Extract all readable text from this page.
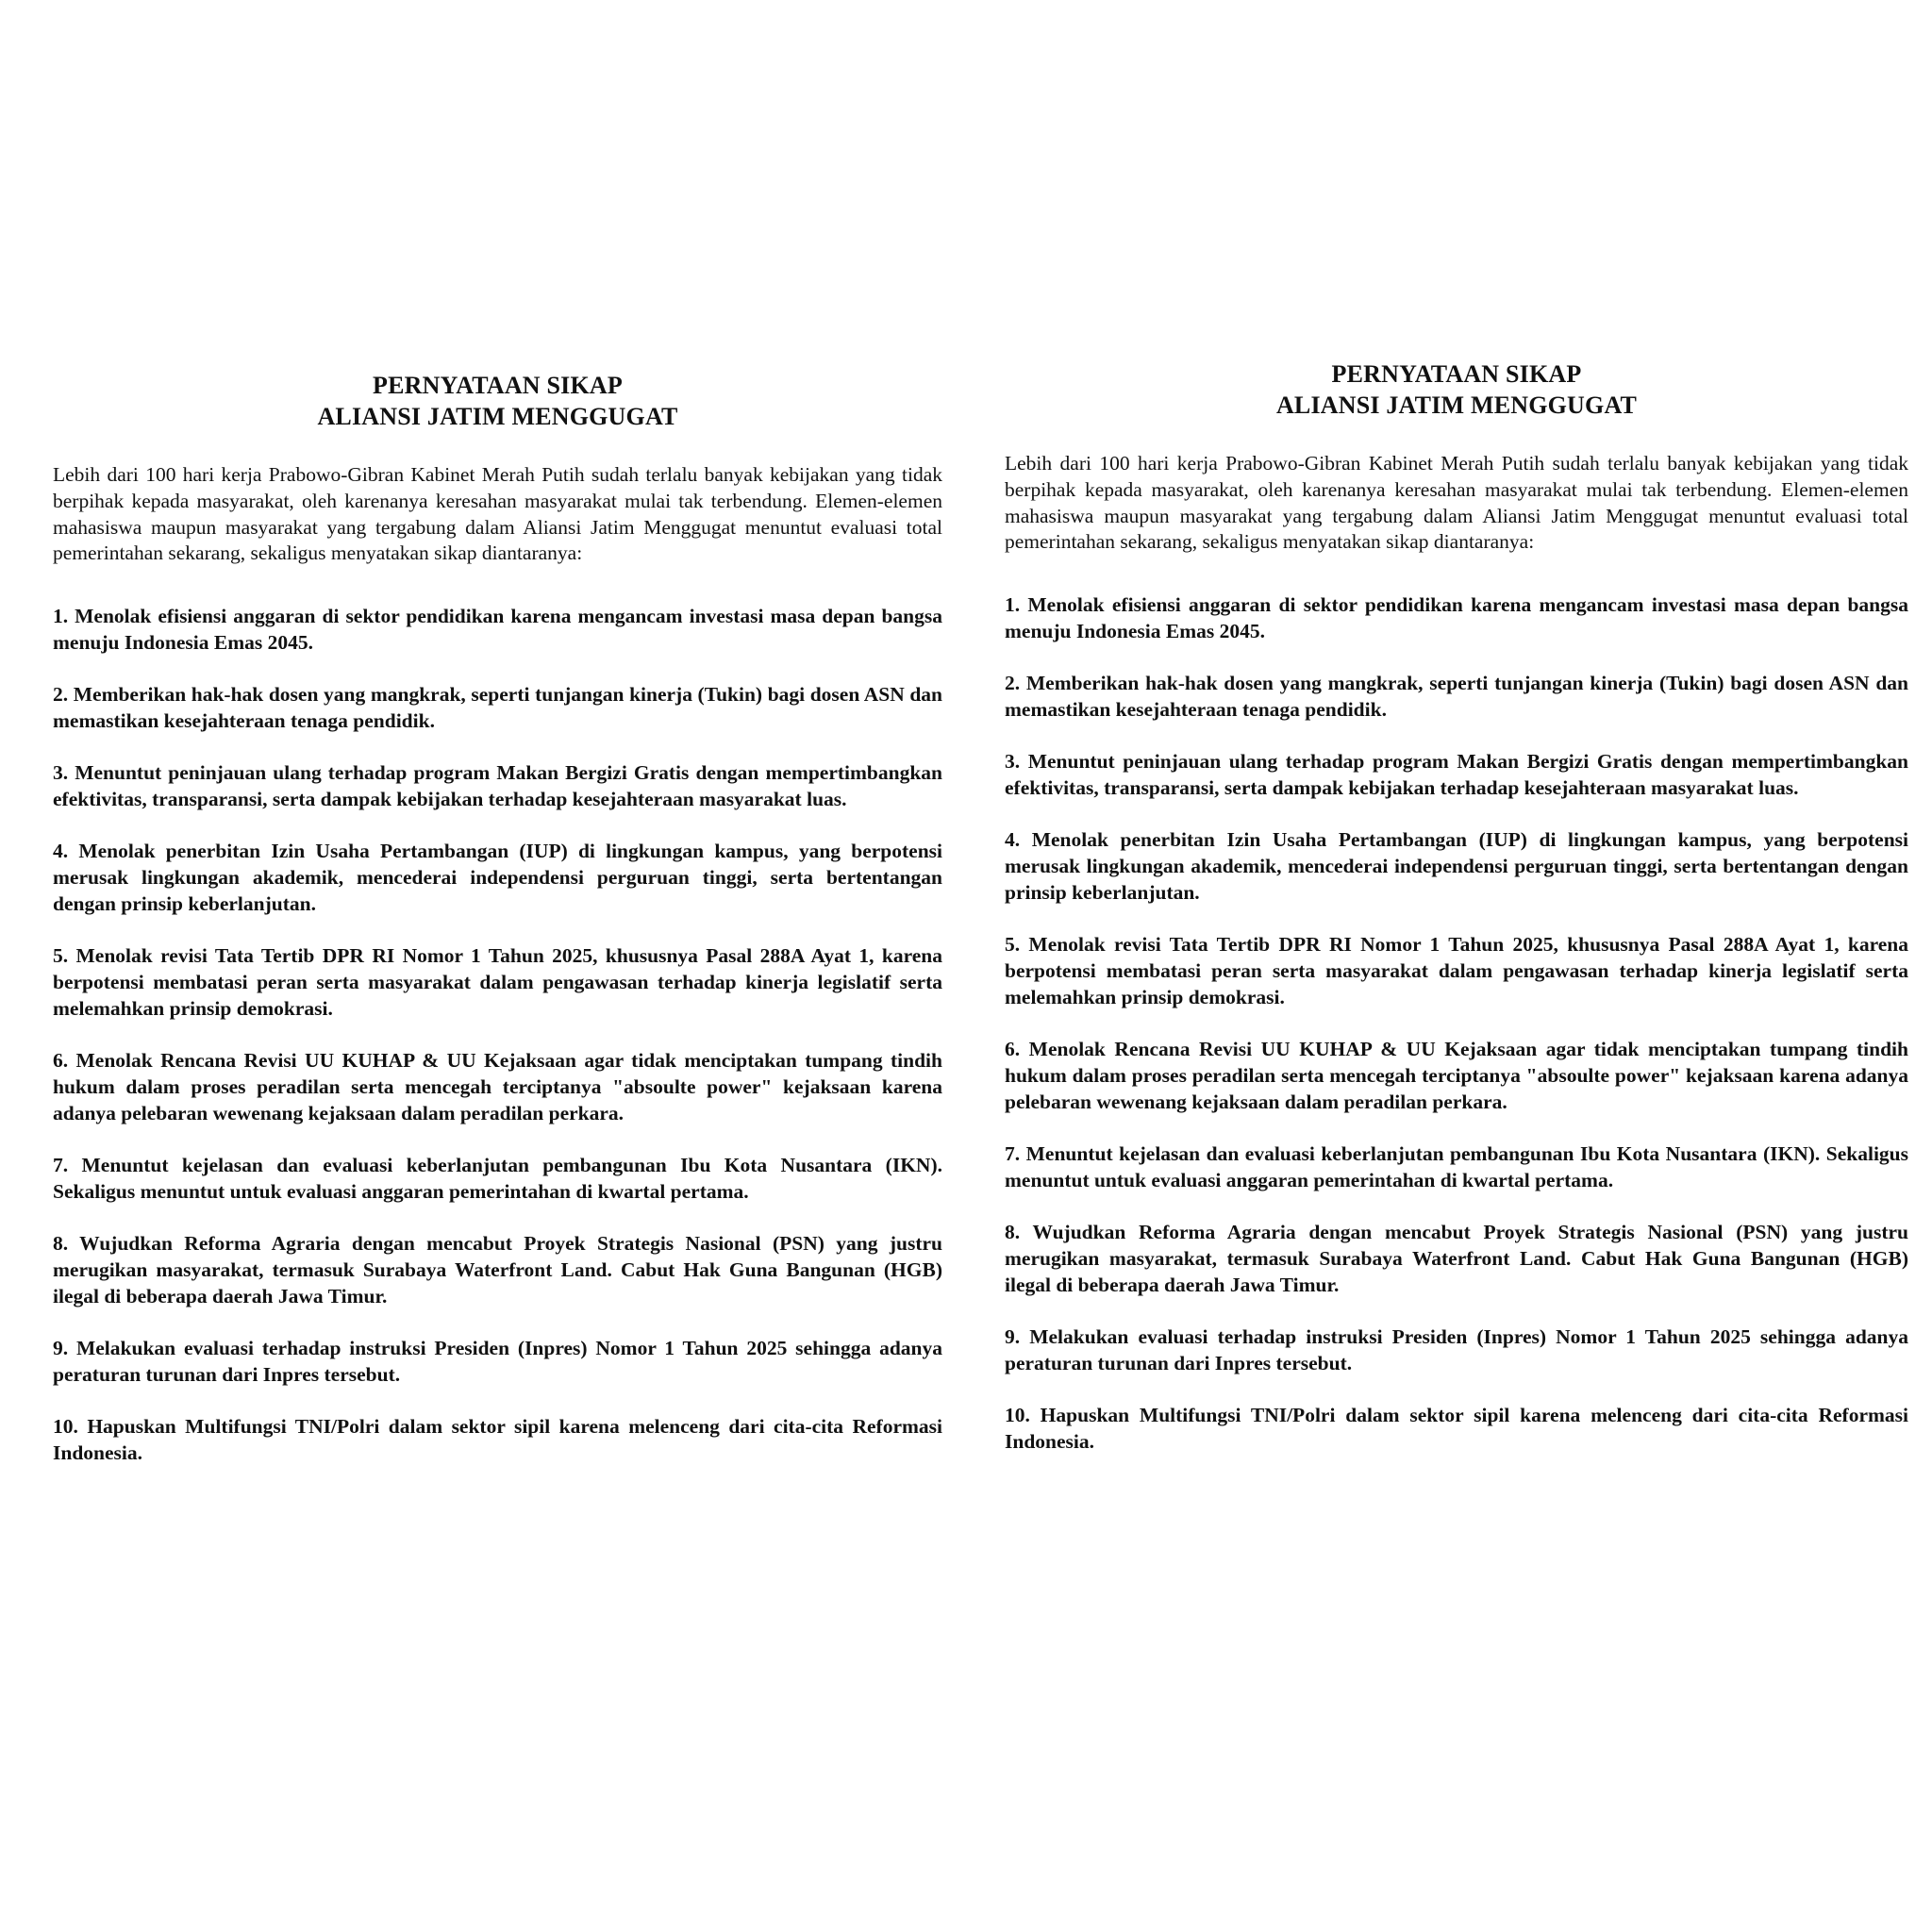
PERNYATAAN SIKAP
ALIANSI JATIM MENGGUGAT

Lebih dari 100 hari kerja Prabowo-Gibran Kabinet Merah Putih sudah terlalu banyak kebijakan yang tidak berpihak kepada masyarakat, oleh karenanya keresahan masyarakat mulai tak terbendung. Elemen-elemen mahasiswa maupun masyarakat yang tergabung dalam Aliansi Jatim Menggugat menuntut evaluasi total pemerintahan sekarang, sekaligus menyatakan sikap diantaranya:

1. Menolak efisiensi anggaran di sektor pendidikan karena mengancam investasi masa depan bangsa menuju Indonesia Emas 2045.
2. Memberikan hak-hak dosen yang mangkrak, seperti tunjangan kinerja (Tukin) bagi dosen ASN dan memastikan kesejahteraan tenaga pendidik.
3. Menuntut peninjauan ulang terhadap program Makan Bergizi Gratis dengan mempertimbangkan efektivitas, transparansi, serta dampak kebijakan terhadap kesejahteraan masyarakat luas.
4. Menolak penerbitan Izin Usaha Pertambangan (IUP) di lingkungan kampus, yang berpotensi merusak lingkungan akademik, mencederai independensi perguruan tinggi, serta bertentangan dengan prinsip keberlanjutan.
5. Menolak revisi Tata Tertib DPR RI Nomor 1 Tahun 2025, khususnya Pasal 288A Ayat 1, karena berpotensi membatasi peran serta masyarakat dalam pengawasan terhadap kinerja legislatif serta melemahkan prinsip demokrasi.
6. Menolak Rencana Revisi UU KUHAP & UU Kejaksaan agar tidak menciptakan tumpang tindih hukum dalam proses peradilan serta mencegah terciptanya "absoulte power" kejaksaan karena adanya pelebaran wewenang kejaksaan dalam peradilan perkara.
7. Menuntut kejelasan dan evaluasi keberlanjutan pembangunan Ibu Kota Nusantara (IKN). Sekaligus menuntut untuk evaluasi anggaran pemerintahan di kwartal pertama.
8. Wujudkan Reforma Agraria dengan mencabut Proyek Strategis Nasional (PSN) yang justru merugikan masyarakat, termasuk Surabaya Waterfront Land. Cabut Hak Guna Bangunan (HGB) ilegal di beberapa daerah Jawa Timur.
9. Melakukan evaluasi terhadap instruksi Presiden (Inpres) Nomor 1 Tahun 2025 sehingga adanya peraturan turunan dari Inpres tersebut.
10. Hapuskan Multifungsi TNI/Polri dalam sektor sipil karena melenceng dari cita-cita Reformasi Indonesia.
PERNYATAAN SIKAP
ALIANSI JATIM MENGGUGAT

Lebih dari 100 hari kerja Prabowo-Gibran Kabinet Merah Putih sudah terlalu banyak kebijakan yang tidak berpihak kepada masyarakat, oleh karenanya keresahan masyarakat mulai tak terbendung. Elemen-elemen mahasiswa maupun masyarakat yang tergabung dalam Aliansi Jatim Menggugat menuntut evaluasi total pemerintahan sekarang, sekaligus menyatakan sikap diantaranya:

1. Menolak efisiensi anggaran di sektor pendidikan karena mengancam investasi masa depan bangsa menuju Indonesia Emas 2045.
2. Memberikan hak-hak dosen yang mangkrak, seperti tunjangan kinerja (Tukin) bagi dosen ASN dan memastikan kesejahteraan tenaga pendidik.
3. Menuntut peninjauan ulang terhadap program Makan Bergizi Gratis dengan mempertimbangkan efektivitas, transparansi, serta dampak kebijakan terhadap kesejahteraan masyarakat luas.
4. Menolak penerbitan Izin Usaha Pertambangan (IUP) di lingkungan kampus, yang berpotensi merusak lingkungan akademik, mencederai independensi perguruan tinggi, serta bertentangan dengan prinsip keberlanjutan.
5. Menolak revisi Tata Tertib DPR RI Nomor 1 Tahun 2025, khususnya Pasal 288A Ayat 1, karena berpotensi membatasi peran serta masyarakat dalam pengawasan terhadap kinerja legislatif serta melemahkan prinsip demokrasi.
6. Menolak Rencana Revisi UU KUHAP & UU Kejaksaan agar tidak menciptakan tumpang tindih hukum dalam proses peradilan serta mencegah terciptanya "absoulte power" kejaksaan karena adanya pelebaran wewenang kejaksaan dalam peradilan perkara.
7. Menuntut kejelasan dan evaluasi keberlanjutan pembangunan Ibu Kota Nusantara (IKN). Sekaligus menuntut untuk evaluasi anggaran pemerintahan di kwartal pertama.
8. Wujudkan Reforma Agraria dengan mencabut Proyek Strategis Nasional (PSN) yang justru merugikan masyarakat, termasuk Surabaya Waterfront Land. Cabut Hak Guna Bangunan (HGB) ilegal di beberapa daerah Jawa Timur.
9. Melakukan evaluasi terhadap instruksi Presiden (Inpres) Nomor 1 Tahun 2025 sehingga adanya peraturan turunan dari Inpres tersebut.
10. Hapuskan Multifungsi TNI/Polri dalam sektor sipil karena melenceng dari cita-cita Reformasi Indonesia.
